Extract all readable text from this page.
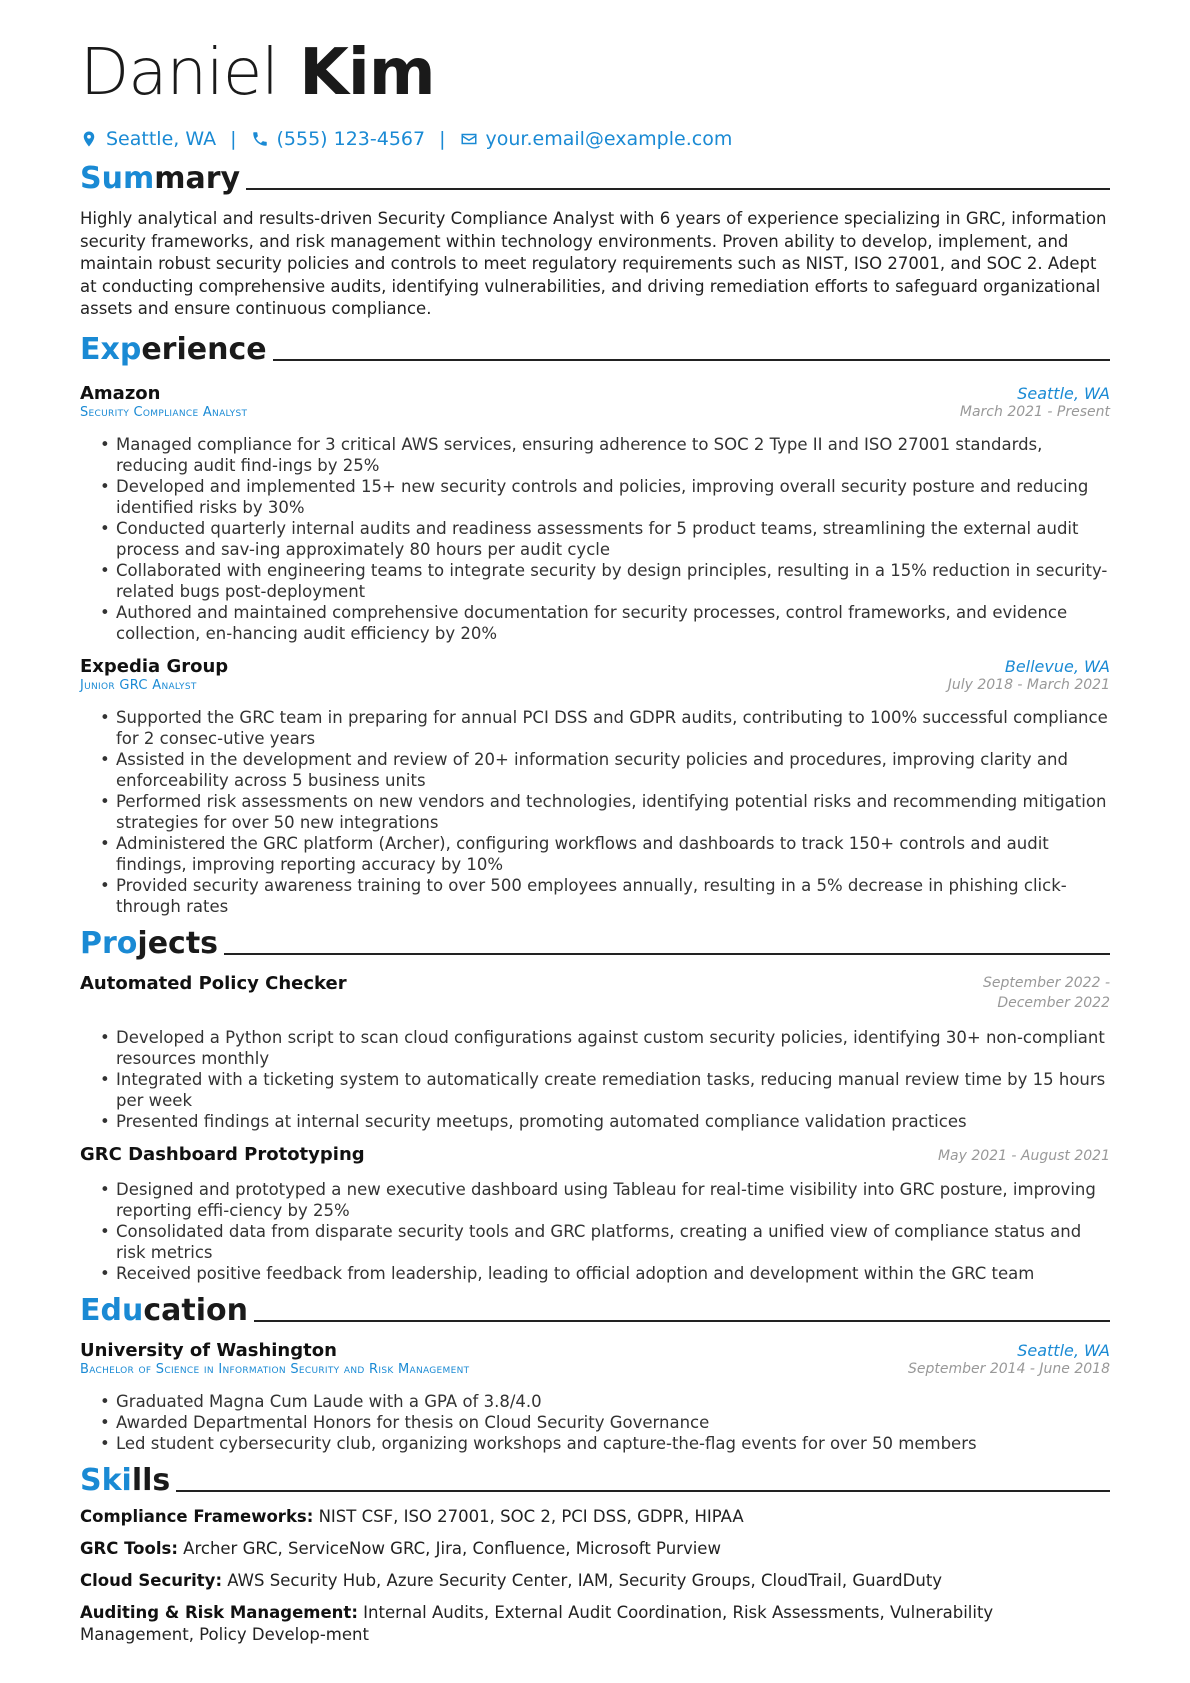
Daniel Kim
Seattle, WA | (555) 123-4567 | your.email@example.com
Summary
Highly analytical and results-driven Security Compliance Analyst with 6 years of experience specializing in GRC, information security frameworks, and risk management within technology environments. Proven ability to develop, implement, and maintain robust security policies and controls to meet regulatory requirements such as NIST, ISO 27001, and SOC 2. Adept at conducting comprehensive audits, identifying vulnerabilities, and driving remediation efforts to safeguard organizational assets and ensure continuous compliance.
Experience
Amazon	Seattle, WA
Security Compliance Analyst	March 2021 - Present
• Managed compliance for 3 critical AWS services, ensuring adherence to SOC 2 Type II and ISO 27001 standards, reducing audit find-ings by 25%
• Developed and implemented 15+ new security controls and policies, improving overall security posture and reducing identified risks by 30%
• Conducted quarterly internal audits and readiness assessments for 5 product teams, streamlining the external audit process and sav-ing approximately 80 hours per audit cycle
• Collaborated with engineering teams to integrate security by design principles, resulting in a 15% reduction in security-related bugs post-deployment
• Authored and maintained comprehensive documentation for security processes, control frameworks, and evidence collection, en-hancing audit efficiency by 20%
Expedia Group	Bellevue, WA
Junior GRC Analyst	July 2018 - March 2021
• Supported the GRC team in preparing for annual PCI DSS and GDPR audits, contributing to 100% successful compliance for 2 consec-utive years
• Assisted in the development and review of 20+ information security policies and procedures, improving clarity and enforceability across 5 business units
• Performed risk assessments on new vendors and technologies, identifying potential risks and recommending mitigation strategies for over 50 new integrations
• Administered the GRC platform (Archer), configuring workflows and dashboards to track 150+ controls and audit findings, improving reporting accuracy by 10%
• Provided security awareness training to over 500 employees annually, resulting in a 5% decrease in phishing click-through rates
Projects
Automated Policy Checker	September 2022 - December 2022
• Developed a Python script to scan cloud configurations against custom security policies, identifying 30+ non-compliant resources monthly
• Integrated with a ticketing system to automatically create remediation tasks, reducing manual review time by 15 hours per week
• Presented findings at internal security meetups, promoting automated compliance validation practices
GRC Dashboard Prototyping	May 2021 - August 2021
• Designed and prototyped a new executive dashboard using Tableau for real-time visibility into GRC posture, improving reporting effi-ciency by 25%
• Consolidated data from disparate security tools and GRC platforms, creating a unified view of compliance status and risk metrics
• Received positive feedback from leadership, leading to official adoption and development within the GRC team
Education
University of Washington	Seattle, WA
Bachelor of Science in Information Security and Risk Management	September 2014 - June 2018
• Graduated Magna Cum Laude with a GPA of 3.8/4.0
• Awarded Departmental Honors for thesis on Cloud Security Governance
• Led student cybersecurity club, organizing workshops and capture-the-flag events for over 50 members
Skills

Compliance Frameworks: NIST CSF, ISO 27001, SOC 2, PCI DSS, GDPR, HIPAA

GRC Tools: Archer GRC, ServiceNow GRC, Jira, Confluence, Microsoft Purview

Cloud Security: AWS Security Hub, Azure Security Center, IAM, Security Groups, CloudTrail, GuardDuty

Auditing & Risk Management: Internal Audits, External Audit Coordination, Risk Assessments, Vulnerability Management, Policy Develop-ment
